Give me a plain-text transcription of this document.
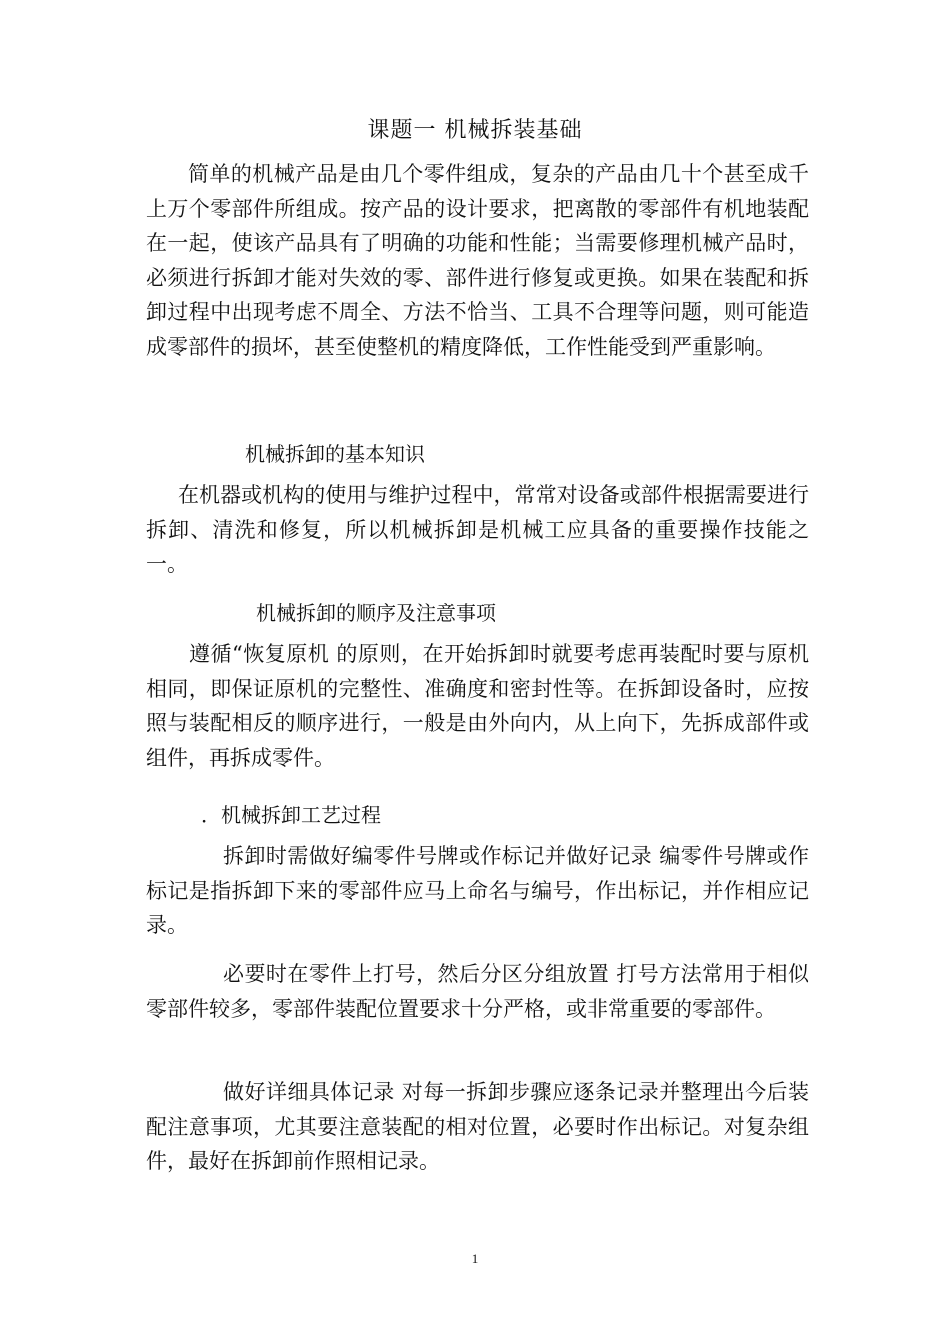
课题一 机械拆装基础

简单的机械产品是由几个零件组成，复杂的产品由几十个甚至成千上万个零部件所组成。按产品的设计要求，把离散的零部件有机地装配在一起，使该产品具有了明确的功能和性能；当需要修理机械产品时，必须进行拆卸才能对失效的零、部件进行修复或更换。如果在装配和拆卸过程中出现考虑不周全、方法不恰当、工具不合理等问题，则可能造成零部件的损坏，甚至使整机的精度降低，工作性能受到严重影响。

机械拆卸的基本知识

在机器或机构的使用与维护过程中，常常对设备或部件根据需要进行拆卸、清洗和修复，所以机械拆卸是机械工应具备的重要操作技能之一。

机械拆卸的顺序及注意事项

遵循“恢复原机 的原则，在开始拆卸时就要考虑再装配时要与原机相同，即保证原机的完整性、准确度和密封性等。在拆卸设备时，应按照与装配相反的顺序进行，一般是由外向内，从上向下，先拆成部件或组件，再拆成零件。

．机械拆卸工艺过程

拆卸时需做好编零件号牌或作标记并做好记录 编零件号牌或作标记是指拆卸下来的零部件应马上命名与编号，作出标记，并作相应记录。

必要时在零件上打号，然后分区分组放置 打号方法常用于相似零部件较多，零部件装配位置要求十分严格，或非常重要的零部件。

做好详细具体记录 对每一拆卸步骤应逐条记录并整理出今后装配注意事项，尤其要注意装配的相对位置，必要时作出标记。对复杂组件，最好在拆卸前作照相记录。

1
